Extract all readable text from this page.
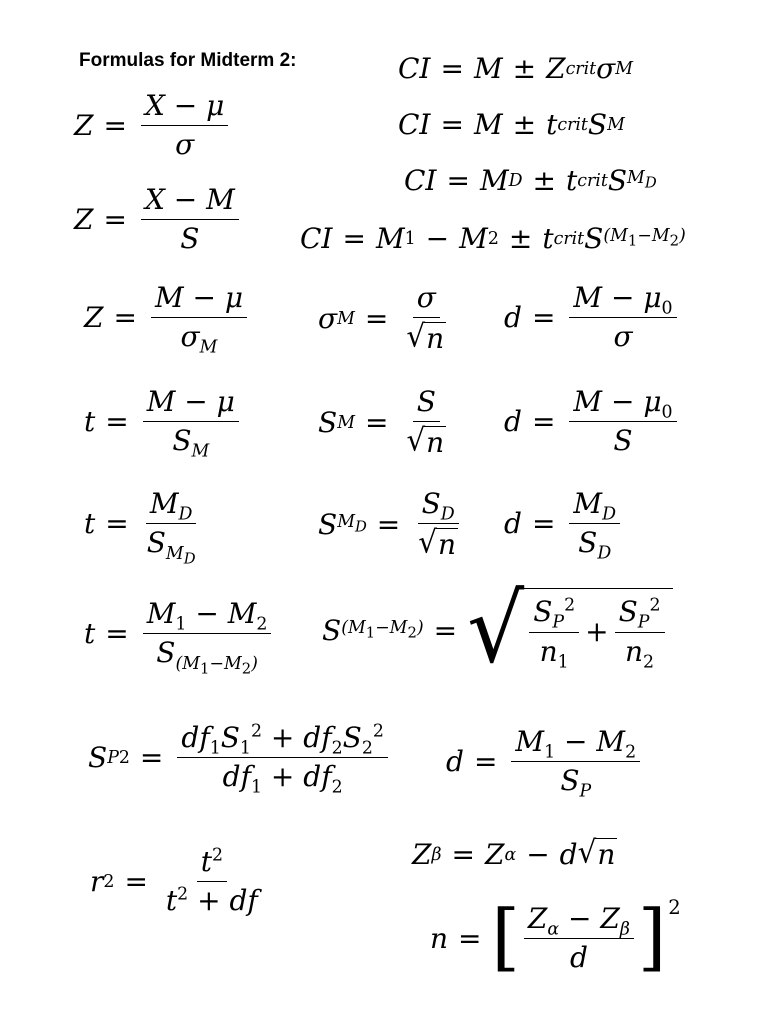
Formulas for Midterm 2:	CI = M ± Z crit σ M
CI = M ± t crit S M
CI = M D ± t crit S $M_D$
CI = M 1 − M 2 ± t crit S $(M_1-M_2)$
$Z = \frac{X - \mu}{\sigma}$
$Z = \frac{X - M}{S}$
$Z = \frac{M - \mu}{\sigma_M}$	σ $M = \frac{\sigma}{√ n}$ $d = \frac{M - \mu_0}{\sigma}$
$t = \frac{M - \mu}{S_M}$	S $M = \frac{S}{√ n}$ $d = \frac{M - \mu_0}{S}$
$t = \frac{M_D}{S_{M_D}}$	S $M_D = \frac{S_D}{√ n}$ $d = \frac{M_D}{S_D}$
$t = \frac{M_1 - M_2}{S_{(M_1-M_2)}}$ S $(M_1-M_2)$ = √ $\frac{S_P^2}{n_1} + \frac{S_P^2}{n_2}$
S P $2 = \frac{df_1S_1^2 + df_2S_2^2}{df_1 + df_2}$ $d = \frac{M_1 - M_2}{S_P}$
r $2 = \frac{t^2}{t^2 + df}$	Z β = Z α − d √ n
n = [ $\frac{Z_\alpha - Z_\beta}{d}$ ] 2
